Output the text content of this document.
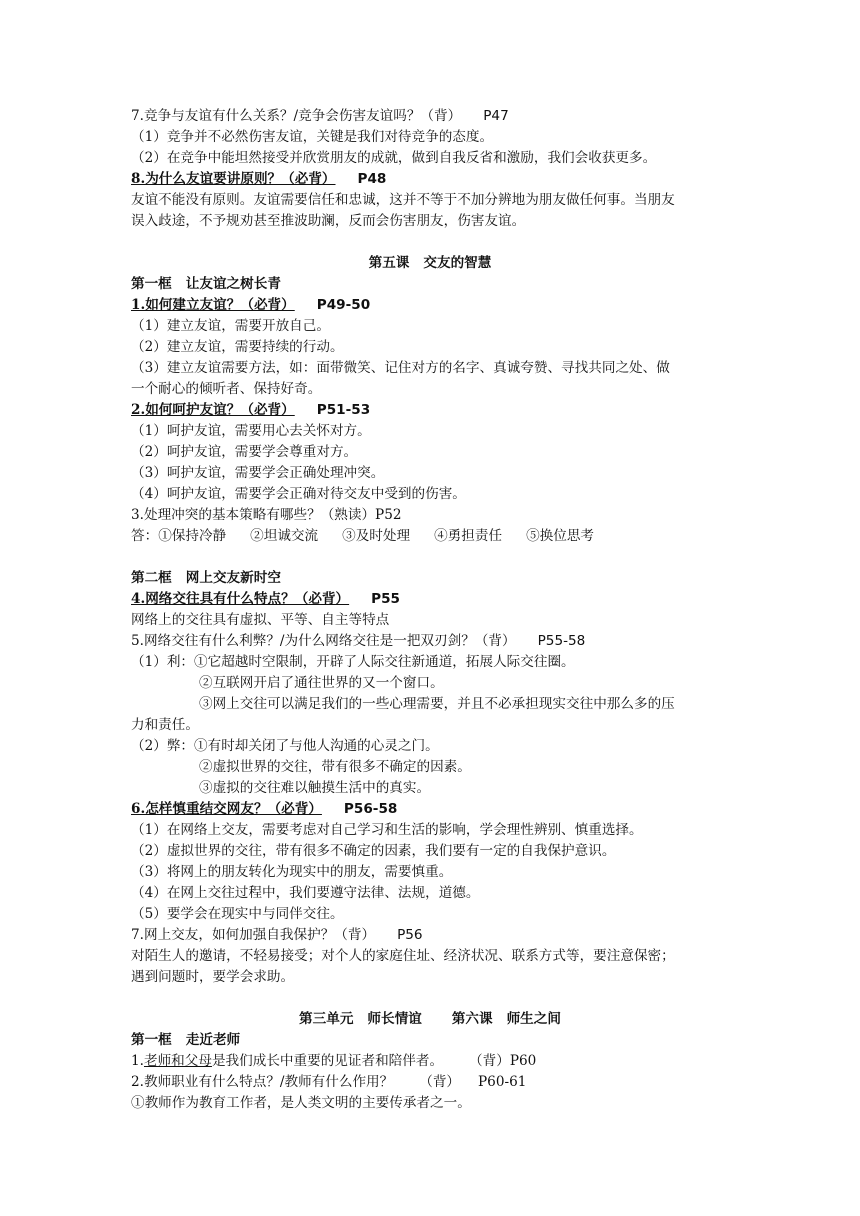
7.竞争与友谊有什么关系？/竞争会伤害友谊吗？（背） P47
（1）竞争并不必然伤害友谊，关键是我们对待竞争的态度。
（2）在竞争中能坦然接受并欣赏朋友的成就，做到自我反省和激励，我们会收获更多。
8.为什么友谊要讲原则？（必背） P48
友谊不能没有原则。友谊需要信任和忠诚，这并不等于不加分辨地为朋友做任何事。当朋友
误入歧途，不予规劝甚至推波助澜，反而会伤害朋友，伤害友谊。
第五课 交友的智慧
第一框 让友谊之树长青
1.如何建立友谊？（必背） P49-50
（1）建立友谊，需要开放自己。
（2）建立友谊，需要持续的行动。
（3）建立友谊需要方法，如：面带微笑、记住对方的名字、真诚夸赞、寻找共同之处、做
一个耐心的倾听者、保持好奇。
2.如何呵护友谊？（必背） P51-53
（1）呵护友谊，需要用心去关怀对方。
（2）呵护友谊，需要学会尊重对方。
（3）呵护友谊，需要学会正确处理冲突。
（4）呵护友谊，需要学会正确对待交友中受到的伤害。
3.处理冲突的基本策略有哪些？（熟读）P52
答：①保持冷静 ②坦诚交流 ③及时处理 ④勇担责任 ⑤换位思考
第二框 网上交友新时空
4.网络交往具有什么特点？（必背） P55
网络上的交往具有虚拟、平等、自主等特点
5.网络交往有什么利弊？/为什么网络交往是一把双刃剑？（背） P55-58
（1）利：①它超越时空限制，开辟了人际交往新通道，拓展人际交往圈。
②互联网开启了通往世界的又一个窗口。
③网上交往可以满足我们的一些心理需要，并且不必承担现实交往中那么多的压
力和责任。
（2）弊：①有时却关闭了与他人沟通的心灵之门。
②虚拟世界的交往，带有很多不确定的因素。
③虚拟的交往难以触摸生活中的真实。
6.怎样慎重结交网友？（必背） P56-58
（1）在网络上交友，需要考虑对自己学习和生活的影响，学会理性辨别、慎重选择。
（2）虚拟世界的交往，带有很多不确定的因素，我们要有一定的自我保护意识。
（3）将网上的朋友转化为现实中的朋友，需要慎重。
（4）在网上交往过程中，我们要遵守法律、法规，道德。
（5）要学会在现实中与同伴交往。
7.网上交友，如何加强自我保护？（背） P56
对陌生人的邀请，不轻易接受；对个人的家庭住址、经济状况、联系方式等，要注意保密；
遇到问题时，要学会求助。
第三单元 师长情谊 第六课 师生之间
第一框 走近老师
1.老师和父母是我们成长中重要的见证者和陪伴者。 （背）P60
2.教师职业有什么特点？/教师有什么作用？ （背） P60-61
①教师作为教育工作者，是人类文明的主要传承者之一。
